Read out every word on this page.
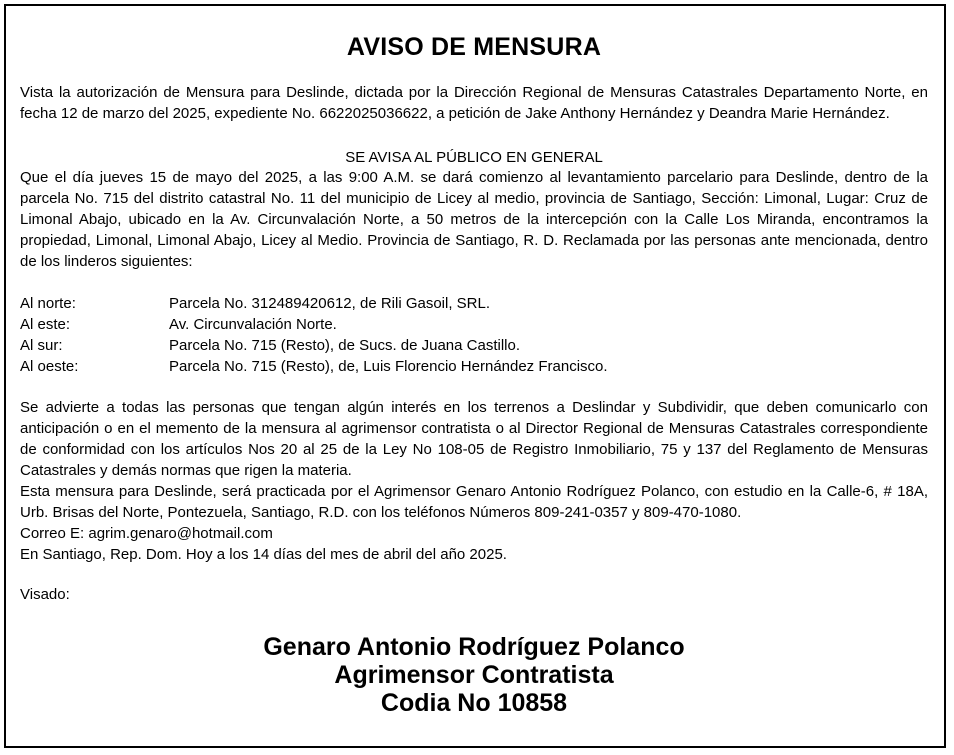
AVISO DE MENSURA

Vista la autorización de Mensura para Deslinde, dictada por la Dirección Regional de Mensuras Catastrales Departamento Norte, en fecha 12 de marzo del 2025, expediente No. 6622025036622, a petición de Jake Anthony Hernández y Deandra Marie Hernández.

SE AVISA AL PÚBLICO EN GENERAL

Que el día jueves 15 de mayo del 2025, a las 9:00 A.M. se dará comienzo al levantamiento parcelario para Deslinde, dentro de la parcela No. 715 del distrito catastral No. 11 del municipio de Licey al medio, provincia de Santiago, Sección: Limonal, Lugar: Cruz de Limonal Abajo, ubicado en la Av. Circunvalación Norte, a 50 metros de la intercepción con la Calle Los Miranda, encontramos la propiedad, Limonal, Limonal Abajo, Licey al Medio. Provincia de Santiago, R. D. Reclamada por las personas ante mencionada, dentro de los linderos siguientes:

Al norte:	Parcela No. 312489420612, de Rili Gasoil, SRL.
Al este:	Av. Circunvalación Norte.
Al sur:	Parcela No. 715 (Resto), de Sucs. de Juana Castillo.
Al oeste:	Parcela No. 715 (Resto), de, Luis Florencio Hernández Francisco.

Se advierte a todas las personas que tengan algún interés en los terrenos a Deslindar y Subdividir, que deben comunicarlo con anticipación o en el memento de la mensura al agrimensor contratista o al Director Regional de Mensuras Catastrales correspondiente de conformidad con los artículos Nos 20 al 25 de la Ley No 108-05 de Registro Inmobiliario, 75 y 137 del Reglamento de Mensuras Catastrales y demás normas que rigen la materia.

Esta mensura para Deslinde, será practicada por el Agrimensor Genaro Antonio Rodríguez Polanco, con estudio en la Calle-6, # 18A, Urb. Brisas del Norte, Pontezuela, Santiago, R.D. con los teléfonos Números 809-241-0357 y 809-470-1080.

Correo E: agrim.genaro@hotmail.com

En Santiago, Rep. Dom. Hoy a los 14 días del mes de abril del año 2025.

Visado:
Genaro Antonio Rodríguez Polanco
Agrimensor Contratista
Codia No 10858
